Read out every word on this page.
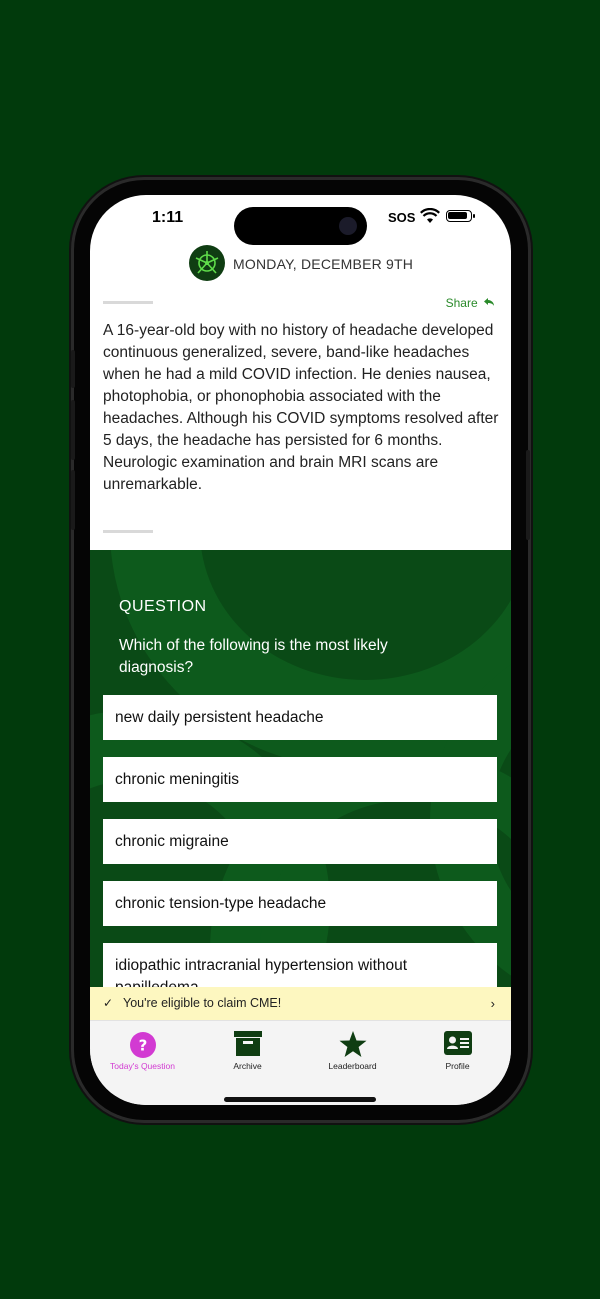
1:11	SOS
MONDAY, DECEMBER 9TH
Share
A 16-year-old boy with no history of headache developed continuous generalized, severe, band-like headaches when he had a mild COVID infection. He denies nausea, photophobia, or phonophobia associated with the headaches. Although his COVID symptoms resolved after 5 days, the headache has persisted for 6 months. Neurologic examination and brain MRI scans are unremarkable.
QUESTION
Which of the following is the most likely diagnosis?
new daily persistent headache
chronic meningitis
chronic migraine
chronic tension-type headache
idiopathic intracranial hypertension without
✓ You're eligible to claim CME!	›
?
Today's Question	Archive	Leaderboard	Profile
